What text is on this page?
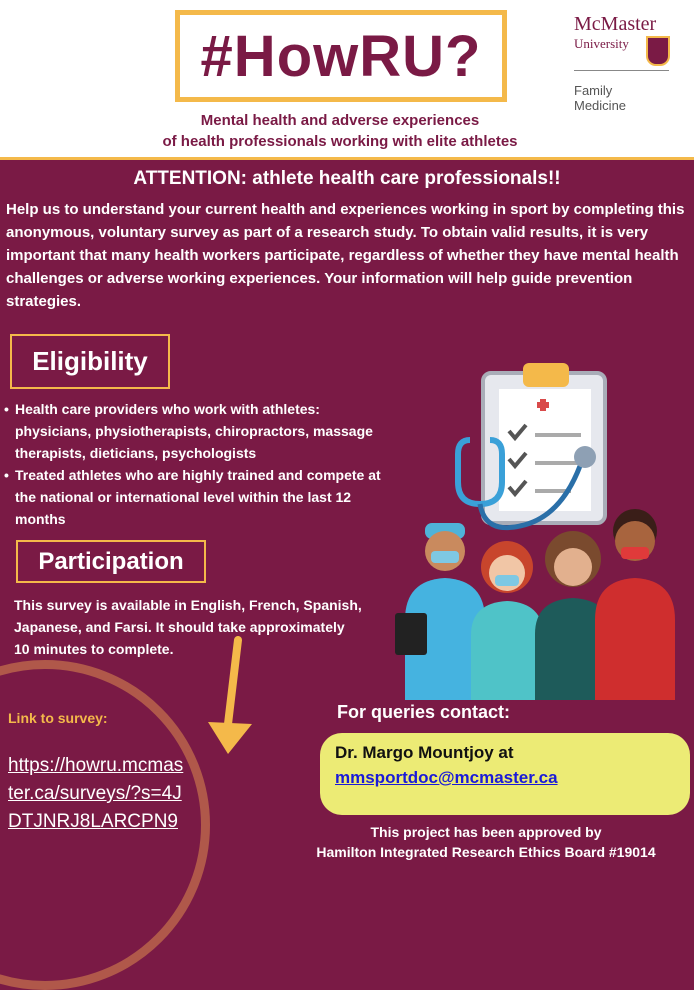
#HowRU?
Mental health and adverse experiences
of health professionals working with elite athletes
McMaster
University
Family
Medicine
ATTENTION: athlete health care professionals!!
Help us to understand your current health and experiences working in sport by completing this anonymous, voluntary survey as part of a research study. To obtain valid results, it is very important that many health workers participate, regardless of whether they have mental health challenges or adverse working experiences. Your information will help guide prevention strategies.
Eligibility
• Health care providers who work with athletes: physicians, physiotherapists, chiropractors, massage therapists, dieticians, psychologists
• Treated athletes who are highly trained and compete at the national or international level within the last 12 months
Participation
This survey is available in English, French, Spanish, Japanese, and Farsi. It should take approximately 10 minutes to complete.
Link to survey:
https://howru.mcmaster.ca/surveys/?s=4JDTJNRJ8LARCPN9
For queries contact:
Dr. Margo Mountjoy at
mmsportdoc@mcmaster.ca
This project has been approved by
Hamilton Integrated Research Ethics Board #19014
